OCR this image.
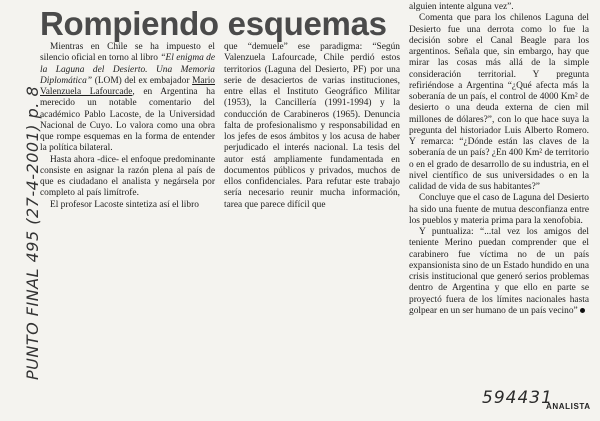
PUNTO FINAL 495 (27-4-2001) p. 8
Rompiendo esquemas

Mientras en Chile se ha impuesto el silencio oficial en torno al libro “El enigma de la Laguna del Desierto. Una Memoria Diplomática” (LOM) del ex embajador Mario Valenzuela Lafourcade, en Argentina ha merecido un notable comentario del académico Pablo Lacoste, de la Universidad Nacional de Cuyo. Lo valora como una obra que rompe esquemas en la forma de entender la política bilateral.

Hasta ahora -dice- el enfoque predominante consiste en asignar la razón plena al país de que es ciudadano el analista y negársela por completo al país limítrofe.

El profesor Lacoste sintetiza así el libro

que “demuele” ese paradigma: “Según Valenzuela Lafourcade, Chile perdió estos territorios (Laguna del Desierto, PF) por una serie de desaciertos de varias instituciones, entre ellas el Instituto Geográfico Militar (1953), la Cancillería (1991-1994) y la conducción de Carabineros (1965). Denuncia falta de profesionalismo y responsabilidad en los jefes de esos ámbitos y los acusa de haber perjudicado el interés nacional. La tesis del autor está ampliamente fundamentada en documentos públicos y privados, muchos de ellos confidenciales. Para refutar este trabajo sería necesario reunir mucha información, tarea que parece difícil que

alguien intente alguna vez”.

Comenta que para los chilenos Laguna del Desierto fue una derrota como lo fue la decisión sobre el Canal Beagle para los argentinos. Señala que, sin embargo, hay que mirar las cosas más allá de la simple consideración territorial. Y pregunta refiriéndose a Argentina “¿Qué afecta más la soberanía de un país, el control de 4000 Km² de desierto o una deuda externa de cien mil millones de dólares?”, con lo que hace suya la pregunta del historiador Luis Alberto Romero. Y remarca: “¿Dónde están las claves de la soberanía de un país? ¿En 400 Km² de territorio o en el grado de desarrollo de su industria, en el nivel científico de sus universidades o en la calidad de vida de sus habitantes?”

Concluye que el caso de Laguna del Desierto ha sido una fuente de mutua desconfianza entre los pueblos y materia prima para la xenofobia.

Y puntualiza: “...tal vez los amigos del teniente Merino puedan comprender que el carabinero fue víctima no de un país expansionista sino de un Estado hundido en una crisis institucional que generó serios problemas dentro de Argentina y que ello en parte se proyectó fuera de los límites nacionales hasta golpear en un ser humano de un país vecino”

594431
ANALISTA
